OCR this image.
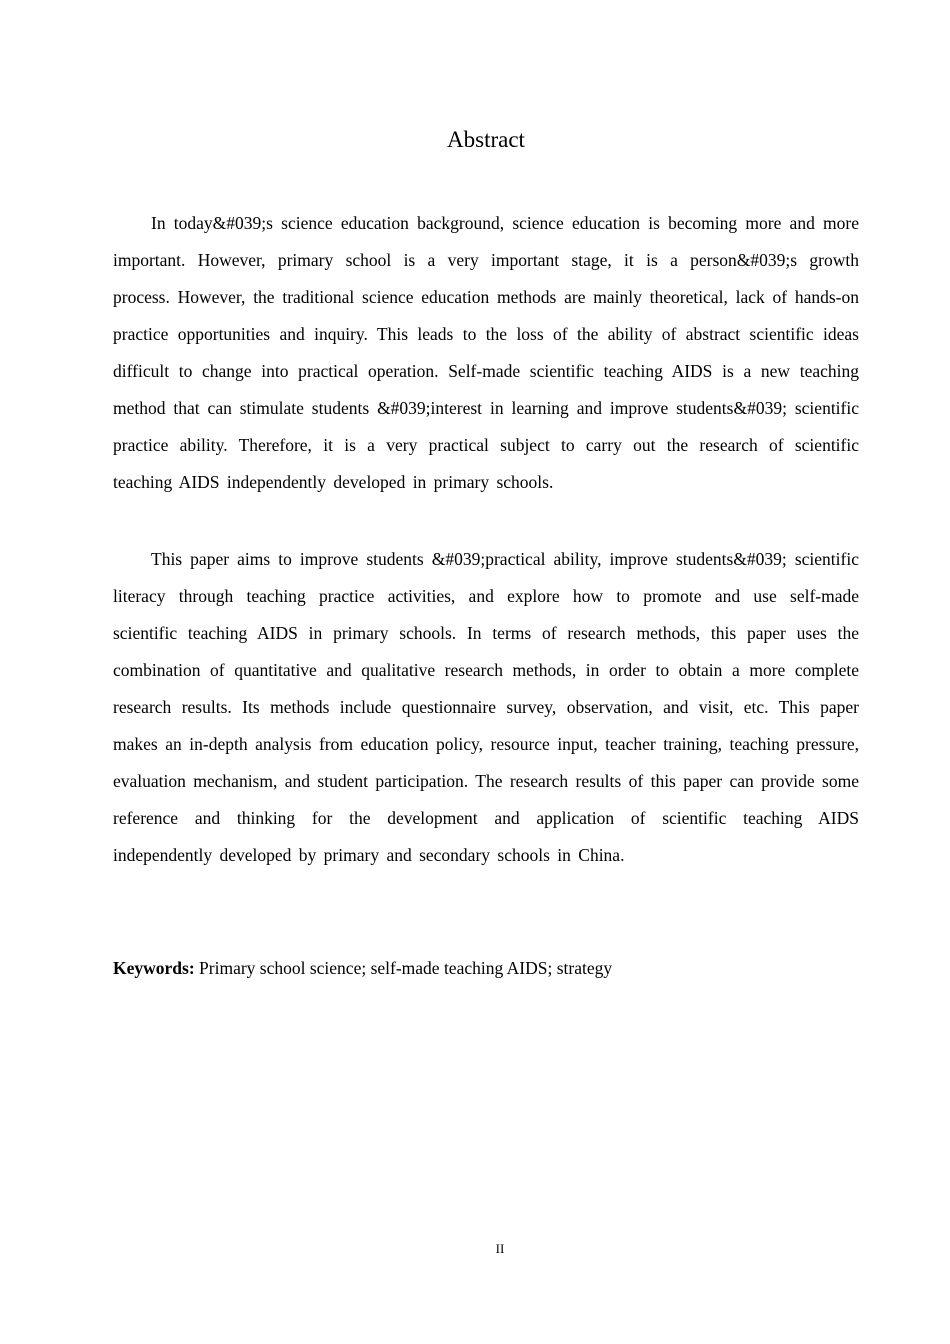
Abstract

In today&#039;s science education background, science education is becoming more and more important. However, primary school is a very important stage, it is a person&#039;s growth process. However, the traditional science education methods are mainly theoretical, lack of hands-on practice opportunities and inquiry. This leads to the loss of the ability of abstract scientific ideas difficult to change into practical operation. Self-made scientific teaching AIDS is a new teaching method that can stimulate students &#039;interest in learning and improve students&#039; scientific practice ability. Therefore, it is a very practical subject to carry out the research of scientific teaching AIDS independently developed in primary schools.

This paper aims to improve students &#039;practical ability, improve students&#039; scientific literacy through teaching practice activities, and explore how to promote and use self-made scientific teaching AIDS in primary schools. In terms of research methods, this paper uses the combination of quantitative and qualitative research methods, in order to obtain a more complete research results. Its methods include questionnaire survey, observation, and visit, etc. This paper makes an in-depth analysis from education policy, resource input, teacher training, teaching pressure, evaluation mechanism, and student participation. The research results of this paper can provide some reference and thinking for the development and application of scientific teaching AIDS independently developed by primary and secondary schools in China.

Keywords: Primary school science; self-made teaching AIDS; strategy
II
